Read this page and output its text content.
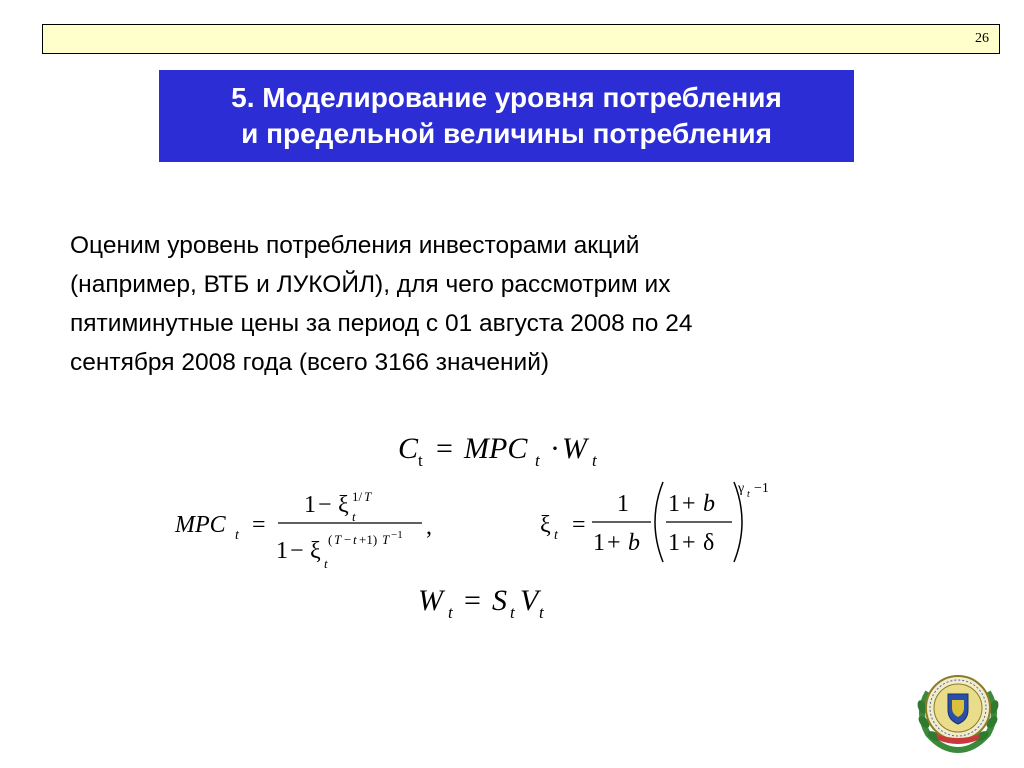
26
5. Моделирование уровня потребления
и предельной величины потребления
Оценим уровень потребления инвесторами акций
(например, ВТБ и ЛУКОЙЛ), для чего рассмотрим их
пятиминутные цены за период с 01 августа 2008 по 24
сентября 2008 года (всего 3166 значений)
C t = MPC t · W t
MPC t =
1 − ξ 1/ T
t
1 − ξ t
( T − t +1) T −1 ,	ξ t =
1
1 + b
1 + b
1 + δ
γ t −1
W t = S t V t
